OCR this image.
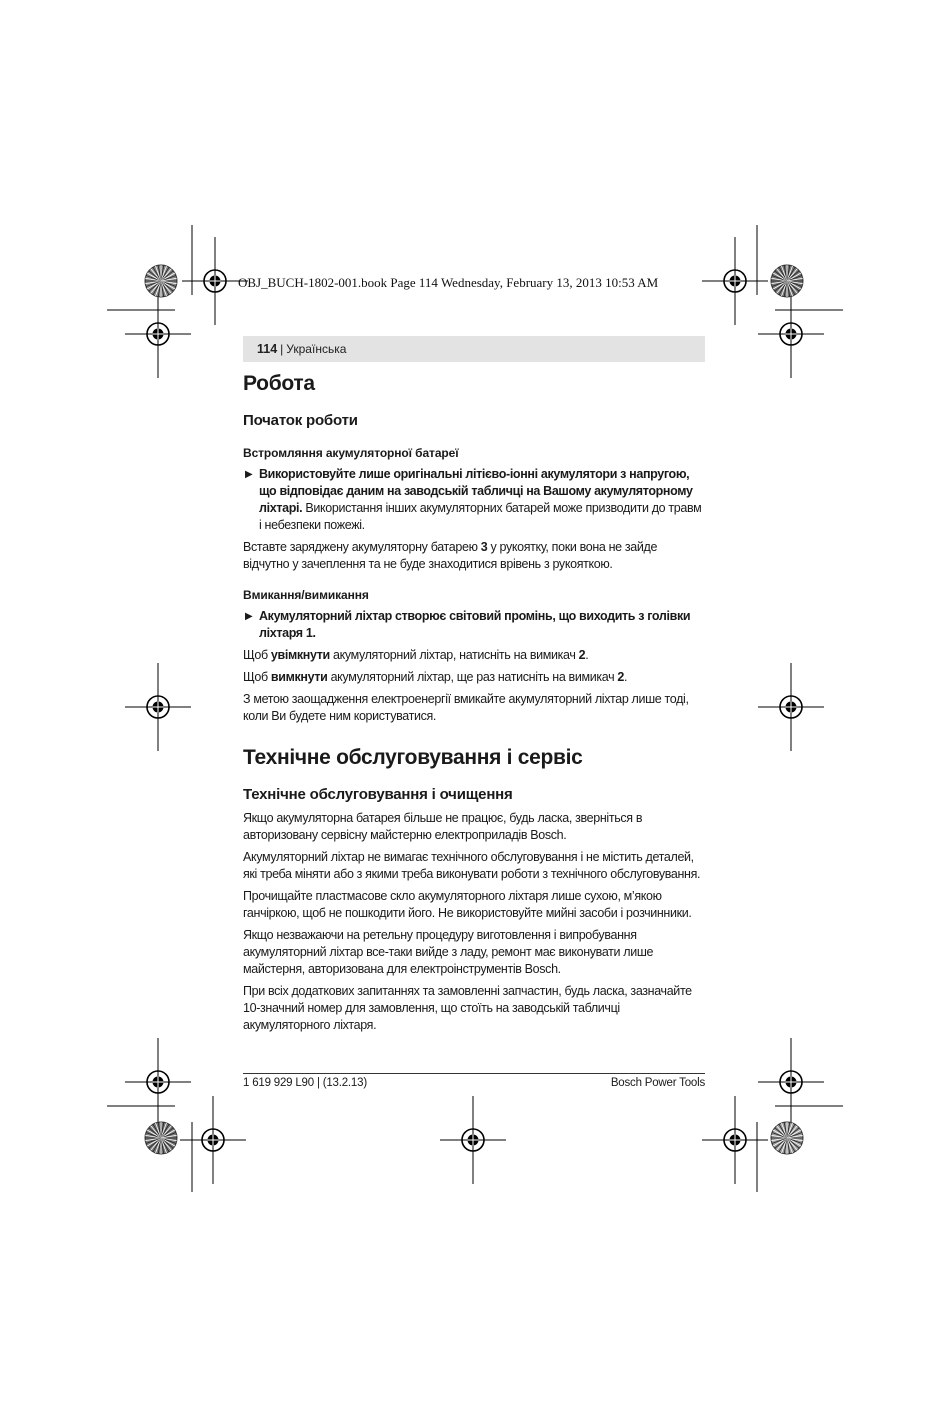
OBJ_BUCH-1802-001.book Page 114 Wednesday, February 13, 2013 10:53 AM
114 | Українська
Робота
Початок роботи
Встромляння акумуляторної батареї

▶ Використовуйте лише оригінальні літієво-іонні акумулятори з напругою, що відповідає даним на заводській табличці на Вашому акумуляторному ліхтарі. Використання інших акумуляторних батарей може призводити до травм і небезпеки пожежі.

Вставте заряджену акумуляторну батарею 3 у рукоятку, поки вона не зайде відчутно у зачеплення та не буде знаходитися врівень з рукояткою.

Вмикання/вимикання

▶ Акумуляторний ліхтар створює світовий промінь, що виходить з голівки ліхтаря 1.

Щоб увімкнути акумуляторний ліхтар, натисніть на вимикач 2.

Щоб вимкнути акумуляторний ліхтар, ще раз натисніть на вимикач 2.

З метою заощадження електроенергії вмикайте акумуляторний ліхтар лише тоді, коли Ви будете ним користуватися.

Технічне обслуговування і сервіс
Технічне обслуговування і очищення

Якщо акумуляторна батарея більше не працює, будь ласка, зверніться в авторизовану сервісну майстерню електроприладів Bosch.

Акумуляторний ліхтар не вимагає технічного обслуговування і не містить деталей, які треба міняти або з якими треба виконувати роботи з технічного обслуговування.

Прочищайте пластмасове скло акумуляторного ліхтаря лише сухою, м’якою ганчіркою, щоб не пошкодити його. Не використовуйте мийні засоби і розчинники.

Якщо незважаючи на ретельну процедуру виготовлення і випробування акумуляторний ліхтар все-таки вийде з ладу, ремонт має виконувати лише майстерня, авторизована для електроінструментів Bosch.

При всіх додаткових запитаннях та замовленні запчастин, будь ласка, зазначайте 10-значний номер для замовлення, що стоїть на заводській табличці акумуляторного ліхтаря.

1 619 929 L90 | (13.2.13)	Bosch Power Tools
